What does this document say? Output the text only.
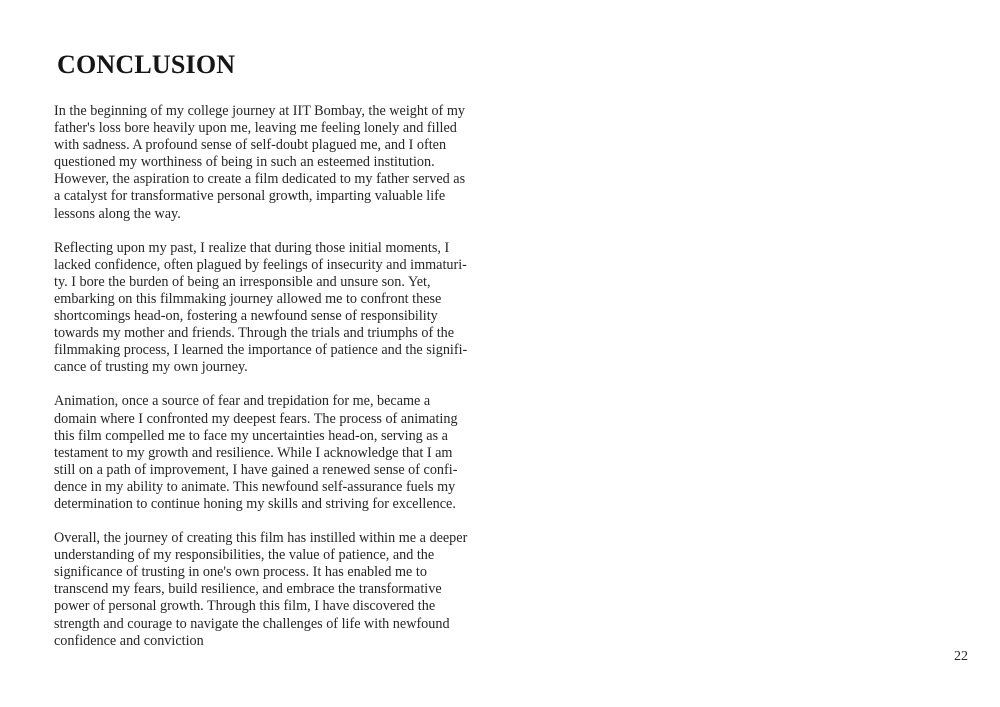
CONCLUSION

In the beginning of my college journey at IIT Bombay, the weight of my
father's loss bore heavily upon me, leaving me feeling lonely and filled
with sadness. A profound sense of self-doubt plagued me, and I often
questioned my worthiness of being in such an esteemed institution.
However, the aspiration to create a film dedicated to my father served as
a catalyst for transformative personal growth, imparting valuable life
lessons along the way.

Reflecting upon my past, I realize that during those initial moments, I
lacked confidence, often plagued by feelings of insecurity and immaturi-
ty. I bore the burden of being an irresponsible and unsure son. Yet,
embarking on this filmmaking journey allowed me to confront these
shortcomings head-on, fostering a newfound sense of responsibility
towards my mother and friends. Through the trials and triumphs of the
filmmaking process, I learned the importance of patience and the signifi-
cance of trusting my own journey.

Animation, once a source of fear and trepidation for me, became a
domain where I confronted my deepest fears. The process of animating
this film compelled me to face my uncertainties head-on, serving as a
testament to my growth and resilience. While I acknowledge that I am
still on a path of improvement, I have gained a renewed sense of confi-
dence in my ability to animate. This newfound self-assurance fuels my
determination to continue honing my skills and striving for excellence.

Overall, the journey of creating this film has instilled within me a deeper
understanding of my responsibilities, the value of patience, and the
significance of trusting in one's own process. It has enabled me to
transcend my fears, build resilience, and embrace the transformative
power of personal growth. Through this film, I have discovered the
strength and courage to navigate the challenges of life with newfound
confidence and conviction

22
